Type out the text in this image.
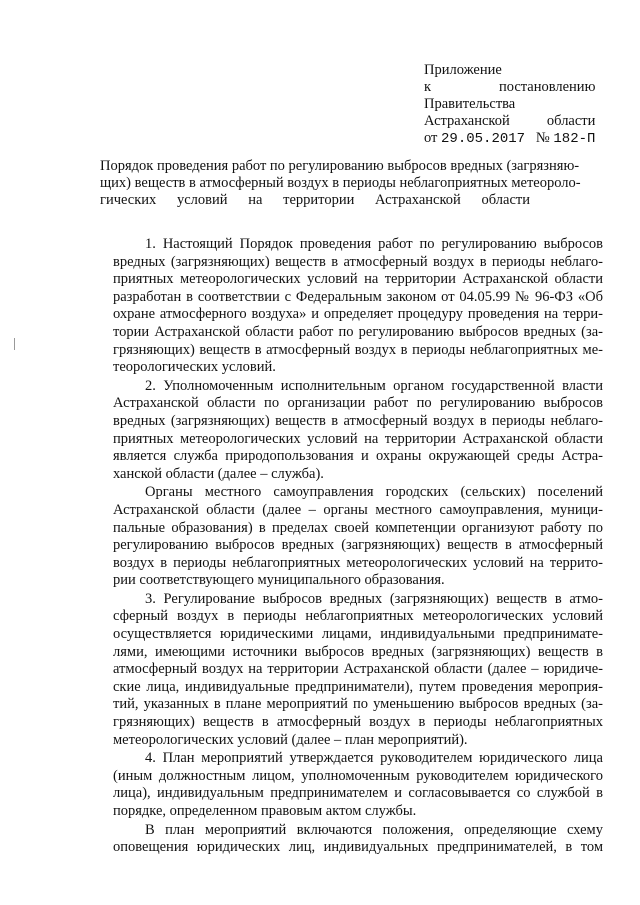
Приложение
к постановлению
Правительства
Астраханской области
от 29.05.2017 № 182-П
Порядок проведения работ по регулированию выбросов вредных (загрязняю-
щих) веществ в атмосферный воздух в периоды неблагоприятных метеороло-
гических условий на территории Астраханской области
1. Настоящий Порядок проведения работ по регулированию выбросов
вредных (загрязняющих) веществ в атмосферный воздух в периоды неблаго-
приятных метеорологических условий на территории Астраханской области
разработан в соответствии с Федеральным законом от 04.05.99 № 96-ФЗ «Об
охране атмосферного воздуха» и определяет процедуру проведения на терри-
тории Астраханской области работ по регулированию выбросов вредных (за-
грязняющих) веществ в атмосферный воздух в периоды неблагоприятных ме-
теорологических условий.
2. Уполномоченным исполнительным органом государственной власти
Астраханской области по организации работ по регулированию выбросов
вредных (загрязняющих) веществ в атмосферный воздух в периоды неблаго-
приятных метеорологических условий на территории Астраханской области
является служба природопользования и охраны окружающей среды Астра-
ханской области (далее – служба).
Органы местного самоуправления городских (сельских) поселений
Астраханской области (далее – органы местного самоуправления, муници-
пальные образования) в пределах своей компетенции организуют работу по
регулированию выбросов вредных (загрязняющих) веществ в атмосферный
воздух в периоды неблагоприятных метеорологических условий на террито-
рии соответствующего муниципального образования.
3. Регулирование выбросов вредных (загрязняющих) веществ в атмо-
сферный воздух в периоды неблагоприятных метеорологических условий
осуществляется юридическими лицами, индивидуальными предпринимате-
лями, имеющими источники выбросов вредных (загрязняющих) веществ в
атмосферный воздух на территории Астраханской области (далее – юридиче-
ские лица, индивидуальные предприниматели), путем проведения мероприя-
тий, указанных в плане мероприятий по уменьшению выбросов вредных (за-
грязняющих) веществ в атмосферный воздух в периоды неблагоприятных
метеорологических условий (далее – план мероприятий).
4. План мероприятий утверждается руководителем юридического лица
(иным должностным лицом, уполномоченным руководителем юридического
лица), индивидуальным предпринимателем и согласовывается со службой в
порядке, определенном правовым актом службы.
В план мероприятий включаются положения, определяющие схему
оповещения юридических лиц, индивидуальных предпринимателей, в том
